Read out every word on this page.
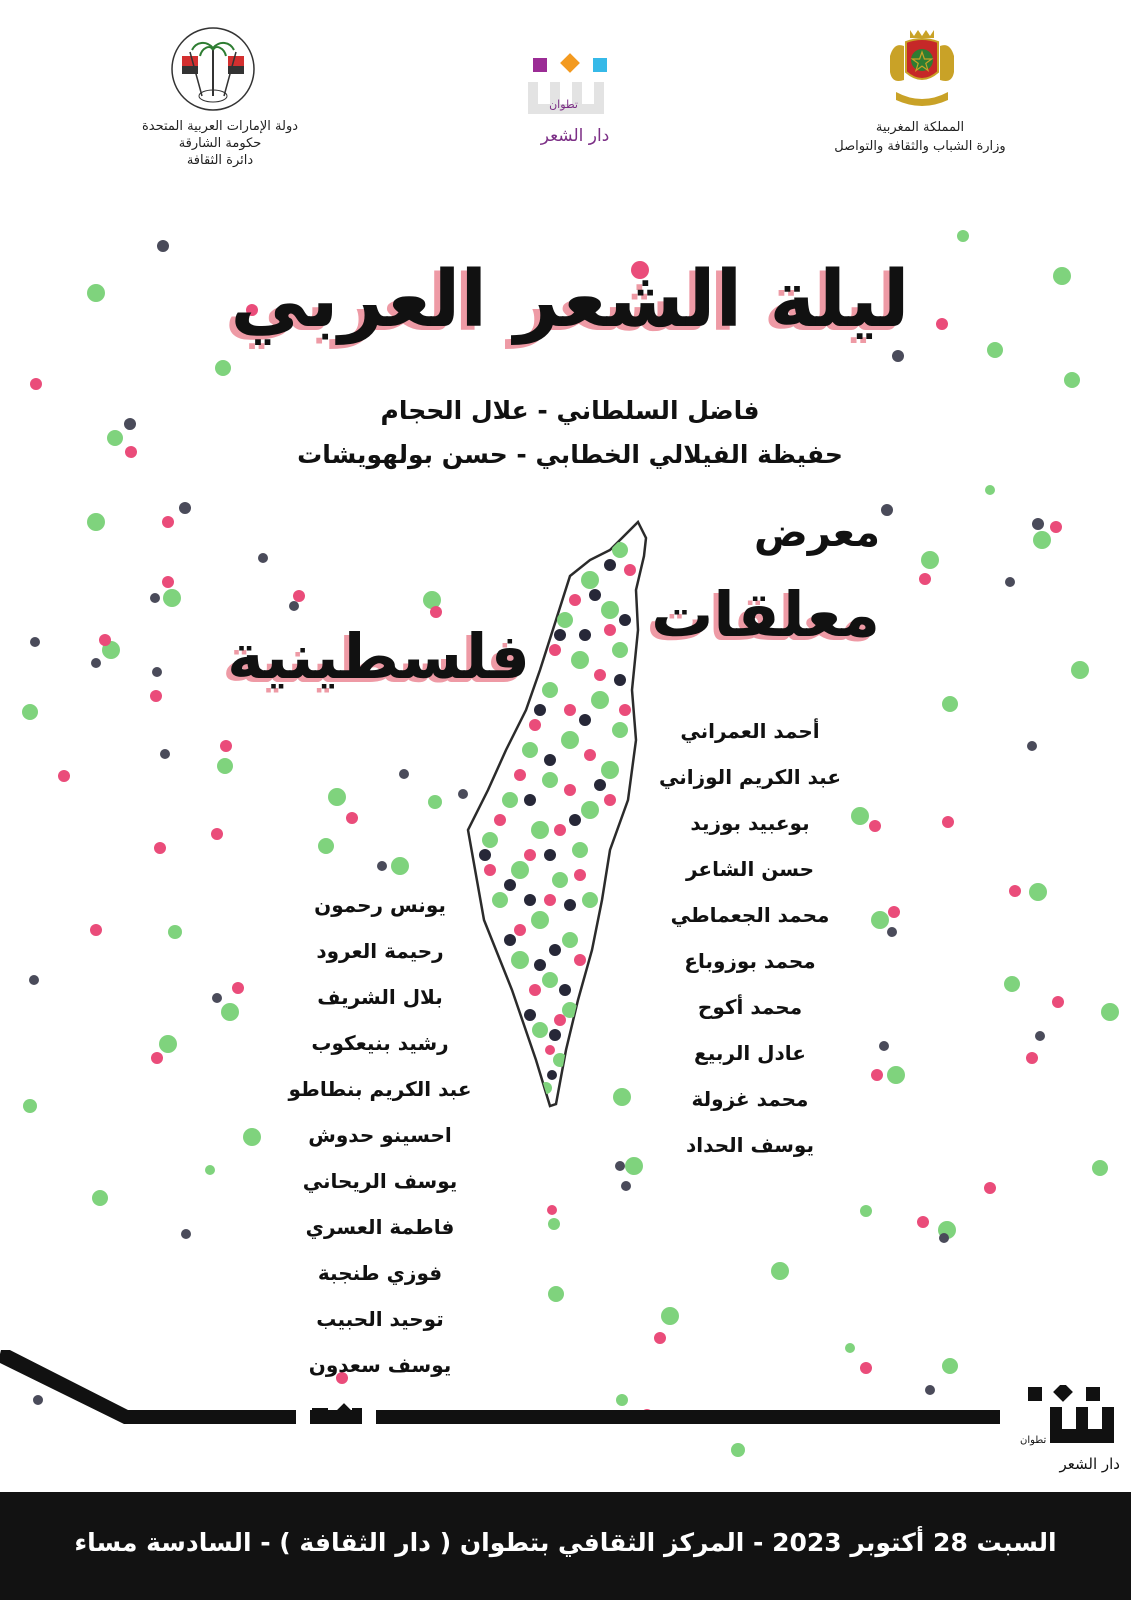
دولة الإمارات العربية المتحدة
حكومة الشارقة
دائرة الثقافة
تطوان
دار الشعر	المملكة المغربية
وزارة الشباب والثقافة والتواصل
ليلة الشعر العربي
فاضل السلطاني - علال الحجام
حفيظة الفيلالي الخطابي - حسن بولهويشات
معرض
معلقات
فلسطينية
أحمد العمراني
عبد الكريم الوزاني
بوعبيد بوزيد
حسن الشاعر
محمد الجعماطي
محمد بوزوباع
محمد أكوح
عادل الربيع
محمد غزولة
يوسف الحداد
يونس رحمون
رحيمة العرود
بلال الشريف
رشيد بنيعكوب
عبد الكريم بنطاطو
احسينو حدوش
يوسف الريحاني
فاطمة العسري
فوزي طنجبة
توحيد الحبيب
يوسف سعدون
تطوان
دار الشعر
السبت 28 أكتوبر 2023 - المركز الثقافي بتطوان ( دار الثقافة ) - السادسة مساء
